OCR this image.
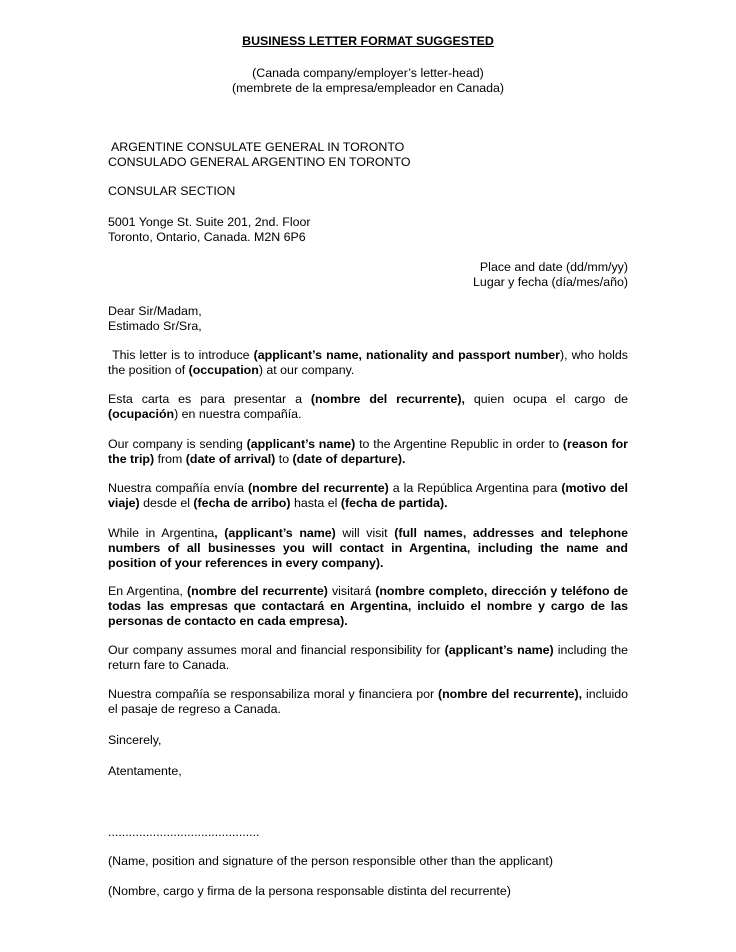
BUSINESS LETTER FORMAT SUGGESTED
(Canada company/employer’s letter-head)
(membrete de la empresa/empleador en Canada)
ARGENTINE CONSULATE GENERAL IN TORONTO
CONSULADO GENERAL ARGENTINO EN TORONTO
CONSULAR SECTION
5001 Yonge St. Suite 201, 2nd. Floor
Toronto, Ontario, Canada. M2N 6P6
Place and date (dd/mm/yy)
Lugar y fecha (día/mes/año)
Dear Sir/Madam,
Estimado Sr/Sra,
This letter is to introduce (applicant’s name, nationality and passport number), who holds the position of (occupation) at our company.
Esta carta es para presentar a (nombre del recurrente), quien ocupa el cargo de (ocupación) en nuestra compañía.
Our company is sending (applicant’s name) to the Argentine Republic in order to (reason for the trip) from (date of arrival) to (date of departure).
Nuestra compañía envía (nombre del recurrente) a la República Argentina para (motivo del viaje) desde el (fecha de arribo) hasta el (fecha de partida).
While in Argentina, (applicant’s name) will visit (full names, addresses and telephone numbers of all businesses you will contact in Argentina, including the name and position of your references in every company).
En Argentina, (nombre del recurrente) visitará (nombre completo, dirección y teléfono de todas las empresas que contactará en Argentina, incluido el nombre y cargo de las personas de contacto en cada empresa).
Our company assumes moral and financial responsibility for (applicant’s name) including the return fare to Canada.
Nuestra compañía se responsabiliza moral y financiera por (nombre del recurrente), incluido el pasaje de regreso a Canada.
Sincerely,
Atentamente,
............................................
(Name, position and signature of the person responsible other than the applicant)
(Nombre, cargo y firma de la persona responsable distinta del recurrente)
